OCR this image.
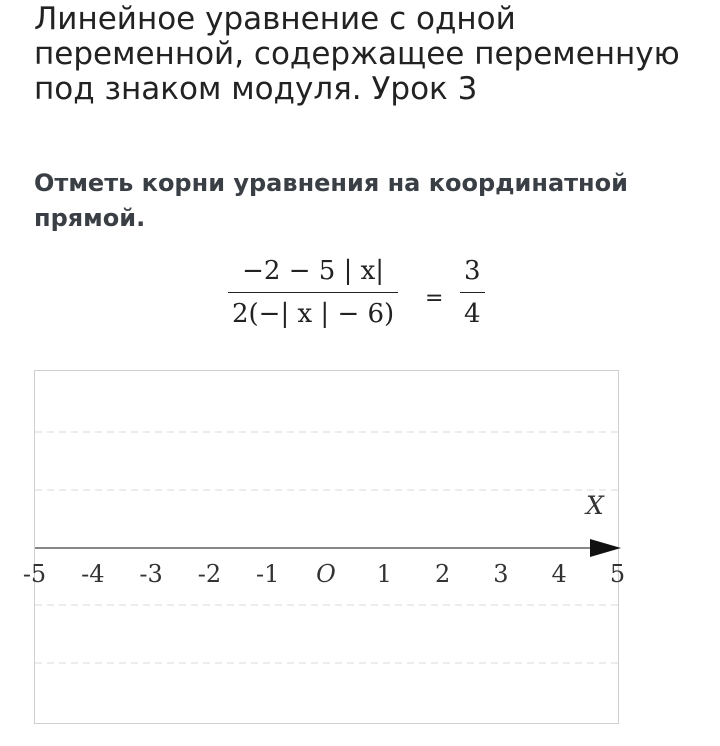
Линейное уравнение с одной переменной, содержащее переменную под знаком модуля. Урок 3

Отметь корни уравнения на координатной прямой.

−2 − 5 | x|
2(−| x | − 6)
=
3
4
X
-5 -4 -3 -2 -1 O 1 2 3 4 5
